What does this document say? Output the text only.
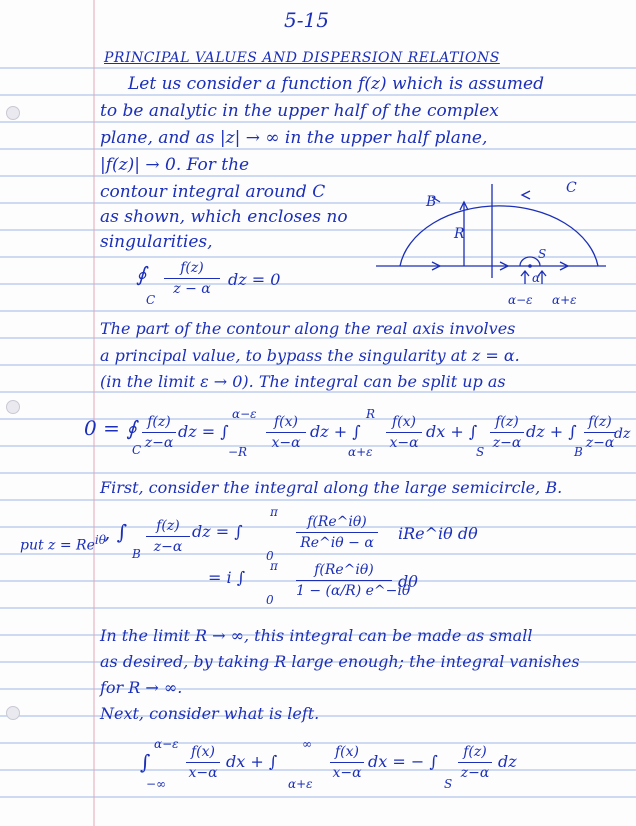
5-15
PRINCIPAL VALUES AND DISPERSION RELATIONS
Let us consider a function f(z) which is assumed
to be analytic in the upper half of the complex
plane, and as |z| → ∞ in the upper half plane,
|f(z)| → 0. For the
contour integral around C
as shown, which encloses no
singularities,
B
C
R
S
α
α−ε α+ε
∮
C
$\frac{f(z)}{z - \alpha}$ dz = 0
The part of the contour along the real axis involves
a principal value, to bypass the singularity at z = α.
(in the limit ε → 0). The integral can be split up as
0 = ∮
C $\frac{f(z)}{z-\alpha}$ dz = ∫
α−ε
$-R \frac{f(x)}{x-\alpha}$ dz + ∫
R
$\alpha+\varepsilon \frac{f(x)}{x-\alpha}$ dx + ∫
S $\frac{f(z)}{z-\alpha}$ dz + ∫
B $\frac{f(z)}{z-\alpha}$
dz
First, consider the integral along the large semicircle, B.
put $z = Re^{i\theta}$
, ∫
B $\frac{f(z)}{z-\alpha}$ dz = ∫
π
0
$\frac{f(Re\^{}i\theta)}{Re\^{}i\theta - \alpha}$ iRe^iθ dθ
= i ∫
π
$0 \frac{f(Re\^{}i\theta)}{1 - (\alpha/R) e\^{}-i\theta}$ dθ
In the limit R → ∞, this integral can be made as small
as desired, by taking R large enough; the integral vanishes
for R → ∞.
Next, consider what is left.
∫
α−ε
−∞
$\frac{f(x)}{x-\alpha}$ dx + ∫
∞
α+ε
$\frac{f(x)}{x-\alpha}$ dx = − ∫
S
$\frac{f(z)}{z-\alpha}$ dz
